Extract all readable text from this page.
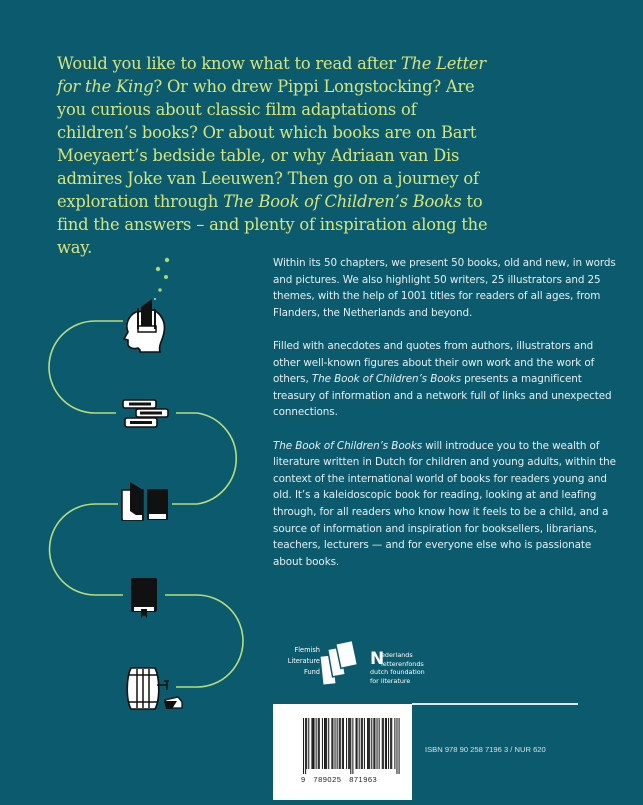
Would you like to know what to read after The Letter for the King? Or who drew Pippi Longstocking? Are you curious about classic film adaptations of children’s books? Or about which books are on Bart Moeyaert’s bedside table, or why Adriaan van Dis admires Joke van Leeuwen? Then go on a journey of exploration through The Book of Children’s Books to find the answers – and plenty of inspiration along the way.

Within its 50 chapters, we present 50 books, old and new, in words and pictures. We also highlight 50 writers, 25 illustrators and 25 themes, with the help of 1001 titles for readers of all ages, from Flanders, the Netherlands and beyond.

Filled with anecdotes and quotes from authors, illustrators and other well-known figures about their own work and the work of others, The Book of Children’s Books presents a magnificent treasury of information and a network full of links and unexpected connections.

The Book of Children’s Books will introduce you to the wealth of literature written in Dutch for children and young adults, within the context of the international world of books for readers young and old. It’s a kaleidoscopic book for reading, looking at and leafing through, for all readers who know how it feels to be a child, and a source of information and inspiration for booksellers, librarians, teachers, lecturers — and for everyone else who is passionate about books.

Flemish
Literature
Fund
N
ederlands
letterenfonds
dutch foundation
for literature
9   789025   871963
ISBN 978 90 258 7196 3 / NUR 620
